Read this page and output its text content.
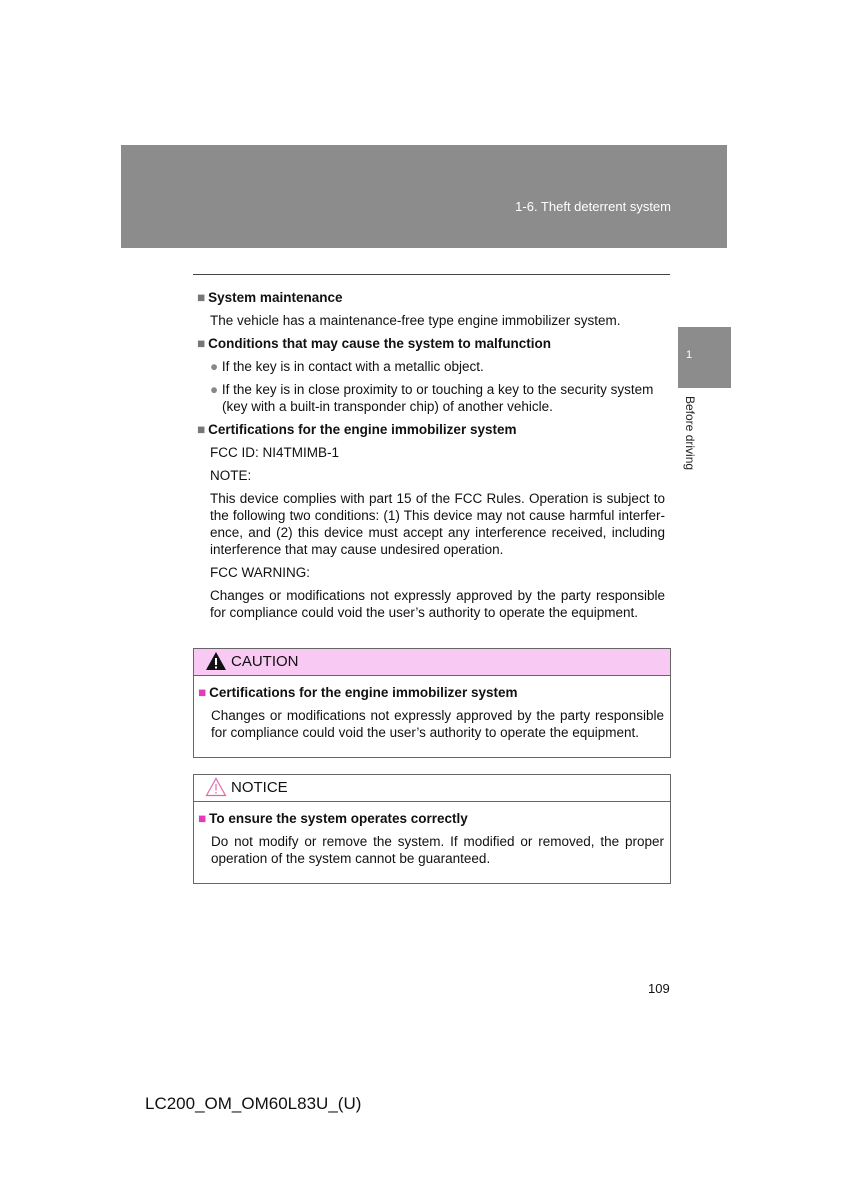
1-6. Theft deterrent system
1
Before driving
■ System maintenance
The vehicle has a maintenance-free type engine immobilizer system.
■ Conditions that may cause the system to malfunction
● If the key is in contact with a metallic object.
● If the key is in close proximity to or touching a key to the security system (key with a built-in transponder chip) of another vehicle.
■ Certifications for the engine immobilizer system
FCC ID: NI4TMIMB-1
NOTE:
This device complies with part 15 of the FCC Rules. Operation is subject to the following two conditions: (1) This device may not cause harmful interfer-ence, and (2) this device must accept any interference received, including interference that may cause undesired operation.
FCC WARNING:
Changes or modifications not expressly approved by the party responsible for compliance could void the user’s authority to operate the equipment.
CAUTION
■ Certifications for the engine immobilizer system
Changes or modifications not expressly approved by the party responsible for compliance could void the user’s authority to operate the equipment.
NOTICE
■ To ensure the system operates correctly
Do not modify or remove the system. If modified or removed, the proper operation of the system cannot be guaranteed.
109
LC200_OM_OM60L83U_(U)
